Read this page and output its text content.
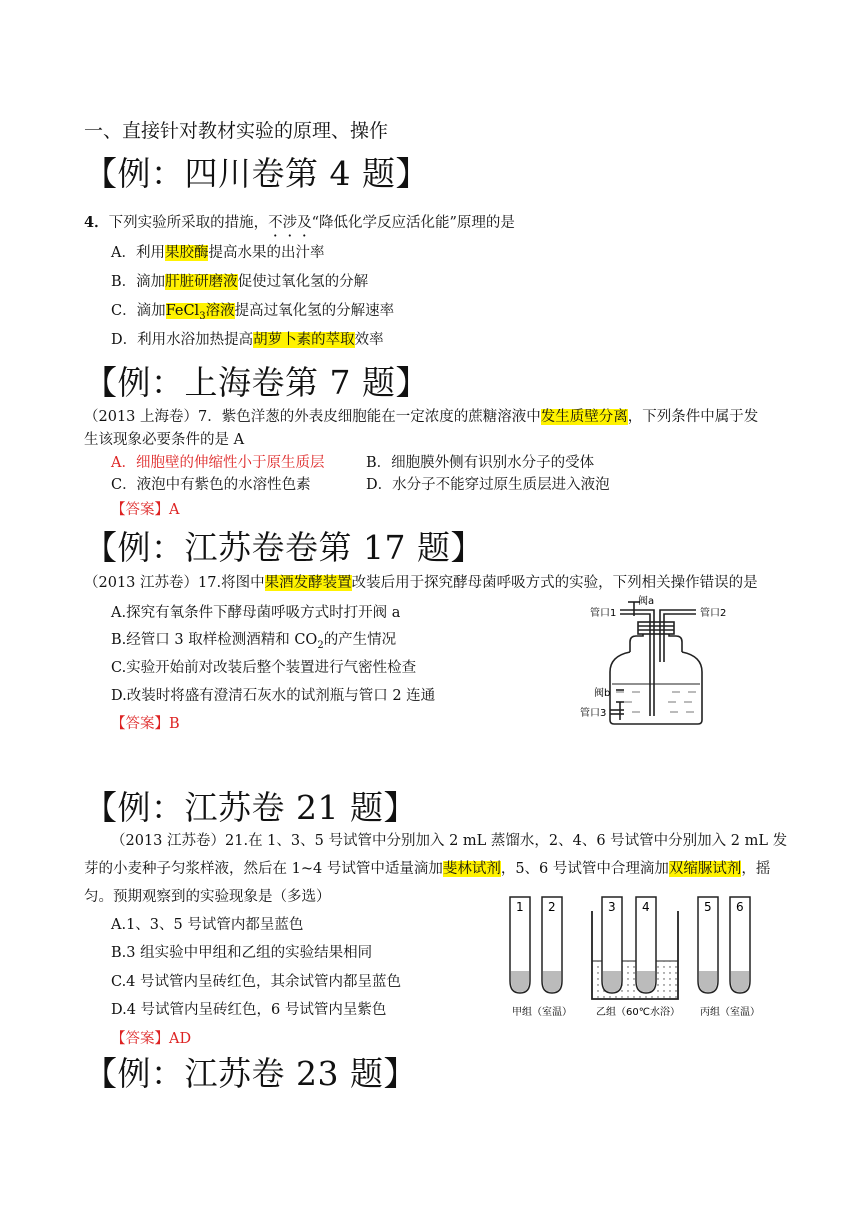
一、直接针对教材实验的原理、操作
【例：四川卷第 4 题】
4．下列实验所采取的措施，不涉及“降低化学反应活化能”原理的是
A．利用果胶酶提高水果的出汁率
B．滴加肝脏研磨液促使过氧化氢的分解
C．滴加FeCl$_3$溶液提高过氧化氢的分解速率
D．利用水浴加热提高胡萝卜素的萃取效率
【例：上海卷第 7 题】
（2013 上海卷）7．紫色洋葱的外表皮细胞能在一定浓度的蔗糖溶液中发生质壁分离，下列条件中属于发
生该现象必要条件的是 A
A．细胞壁的伸缩性小于原生质层	B．细胞膜外侧有识别水分子的受体
C．液泡中有紫色的水溶性色素	D．水分子不能穿过原生质层进入液泡
【答案】A
【例：江苏卷卷第 17 题】
（2013 江苏卷）17.将图中果酒发酵装置改装后用于探究酵母菌呼吸方式的实验，下列相关操作错误的是
A.探究有氧条件下酵母菌呼吸方式时打开阀 a
B.经管口 3 取样检测酒精和 $CO_2$的产生情况
C.实验开始前对改装后整个装置进行气密性检查
D.改装时将盛有澄清石灰水的试剂瓶与管口 2 连通
【答案】B
阀a
管口1	管口2
阀b
管口3
【例：江苏卷 21 题】
（2013 江苏卷）21.在 1、3、5 号试管中分别加入 2 mL 蒸馏水，2、4、6 号试管中分别加入 2 mL 发
芽的小麦种子匀浆样液，然后在 1~4 号试管中适量滴加斐林试剂，5、6 号试管中合理滴加双缩脲试剂，摇
匀。预期观察到的实验现象是（多选）
A.1、3、5 号试管内都呈蓝色
B.3 组实验中甲组和乙组的实验结果相同
C.4 号试管内呈砖红色，其余试管内都呈蓝色
D.4 号试管内呈砖红色，6 号试管内呈紫色
【答案】AD
1 2	3 4	5 6
甲组（室温） 乙组（60℃水浴） 丙组（室温）
【例：江苏卷 23 题】
